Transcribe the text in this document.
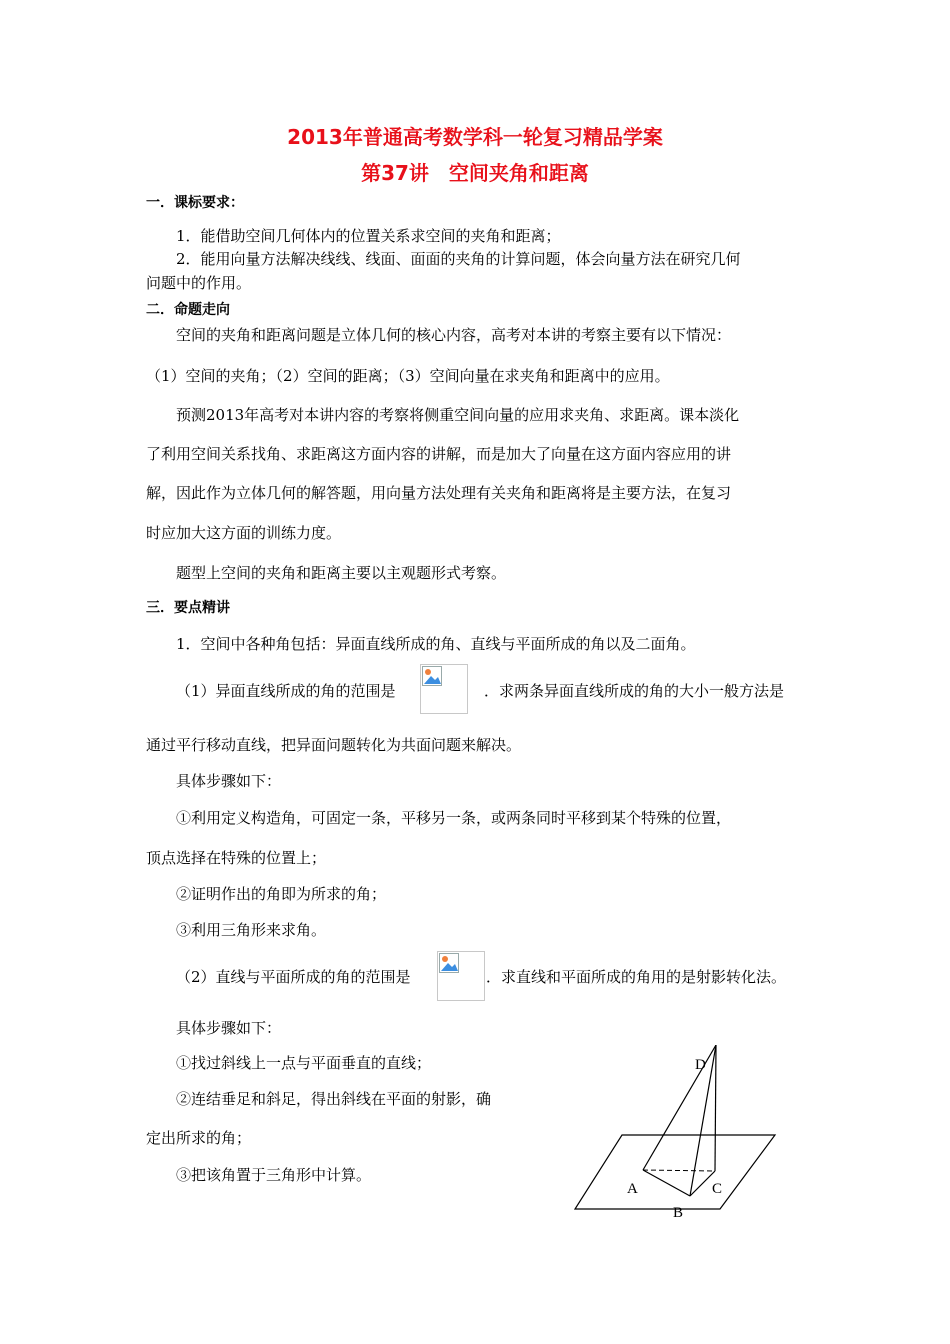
2013年普通高考数学科一轮复习精品学案
第37讲　空间夹角和距离
一．课标要求：
1．能借助空间几何体内的位置关系求空间的夹角和距离；
2．能用向量方法解决线线、线面、面面的夹角的计算问题，体会向量方法在研究几何
问题中的作用。
二．命题走向
空间的夹角和距离问题是立体几何的核心内容，高考对本讲的考察主要有以下情况：
（1）空间的夹角；（2）空间的距离；（3）空间向量在求夹角和距离中的应用。
预测2013年高考对本讲内容的考察将侧重空间向量的应用求夹角、求距离。课本淡化
了利用空间关系找角、求距离这方面内容的讲解，而是加大了向量在这方面内容应用的讲
解，因此作为立体几何的解答题，用向量方法处理有关夹角和距离将是主要方法，在复习
时应加大这方面的训练力度。
题型上空间的夹角和距离主要以主观题形式考察。
三．要点精讲
1．空间中各种角包括：异面直线所成的角、直线与平面所成的角以及二面角。
（1）异面直线所成的角的范围是	．求两条异面直线所成的角的大小一般方法是
通过平行移动直线，把异面问题转化为共面问题来解决。
具体步骤如下：
①利用定义构造角，可固定一条，平移另一条，或两条同时平移到某个特殊的位置，
顶点选择在特殊的位置上；
②证明作出的角即为所求的角；
③利用三角形来求角。
（2）直线与平面所成的角的范围是	．求直线和平面所成的角用的是射影转化法。
具体步骤如下：
①找过斜线上一点与平面垂直的直线；
②连结垂足和斜足，得出斜线在平面的射影，确
定出所求的角；
③把该角置于三角形中计算。
D
A
B
C
